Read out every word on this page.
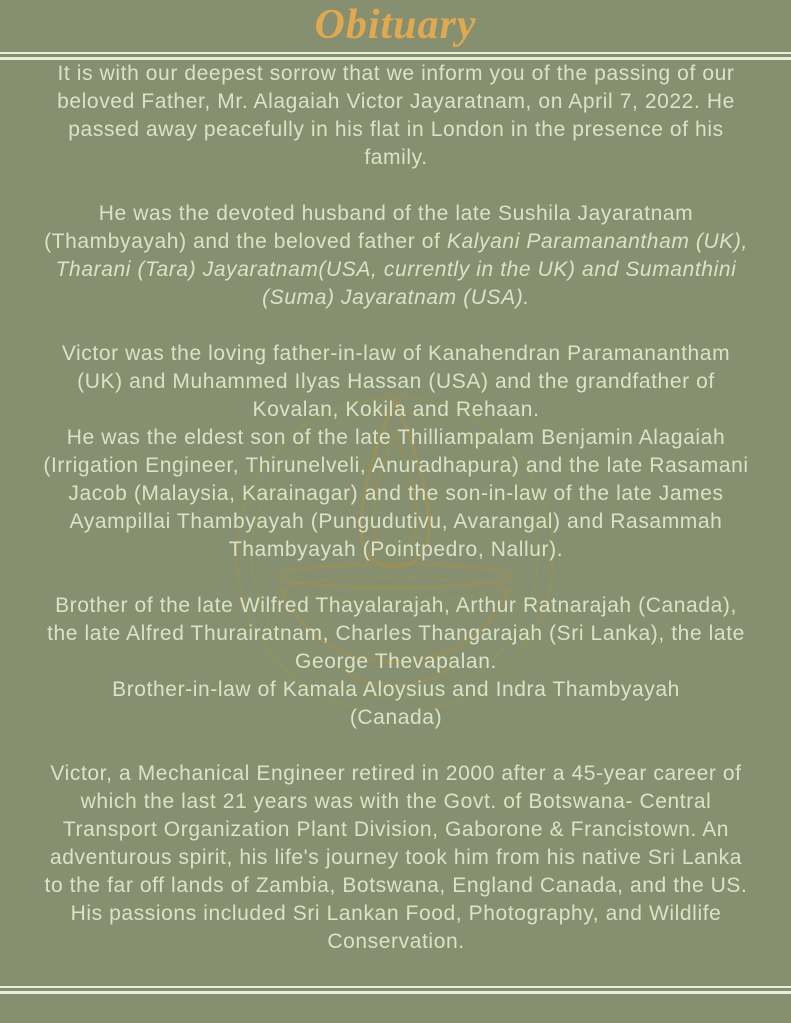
Obituary

It is with our deepest sorrow that we inform you of the passing of our beloved Father, Mr. Alagaiah Victor Jayaratnam, on April 7, 2022. He passed away peacefully in his flat in London in the presence of his family.

He was the devoted husband of the late Sushila Jayaratnam (Thambyayah) and the beloved father of Kalyani Paramanantham (UK), Tharani (Tara) Jayaratnam(USA, currently in the UK) and Sumanthini (Suma) Jayaratnam (USA).

Victor was the loving father-in-law of Kanahendran Paramanantham (UK) and Muhammed Ilyas Hassan (USA) and the grandfather of Kovalan, Kokila and Rehaan.
He was the eldest son of the late Thilliampalam Benjamin Alagaiah (Irrigation Engineer, Thirunelveli, Anuradhapura) and the late Rasamani Jacob (Malaysia, Karainagar) and the son-in-law of the late James Ayampillai Thambyayah (Pungudutivu, Avarangal) and Rasammah Thambyayah (Pointpedro, Nallur).

Brother of the late Wilfred Thayalarajah, Arthur Ratnarajah (Canada), the late Alfred Thurairatnam, Charles Thangarajah (Sri Lanka), the late George Thevapalan.
Brother-in-law of Kamala Aloysius and Indra Thambyayah
(Canada)

Victor, a Mechanical Engineer retired in 2000 after a 45-year career of which the last 21 years was with the Govt. of Botswana- Central Transport Organization Plant Division, Gaborone & Francistown. An adventurous spirit, his life's journey took him from his native Sri Lanka to the far off lands of Zambia, Botswana, England Canada, and the US. His passions included Sri Lankan Food, Photography, and Wildlife Conservation.
